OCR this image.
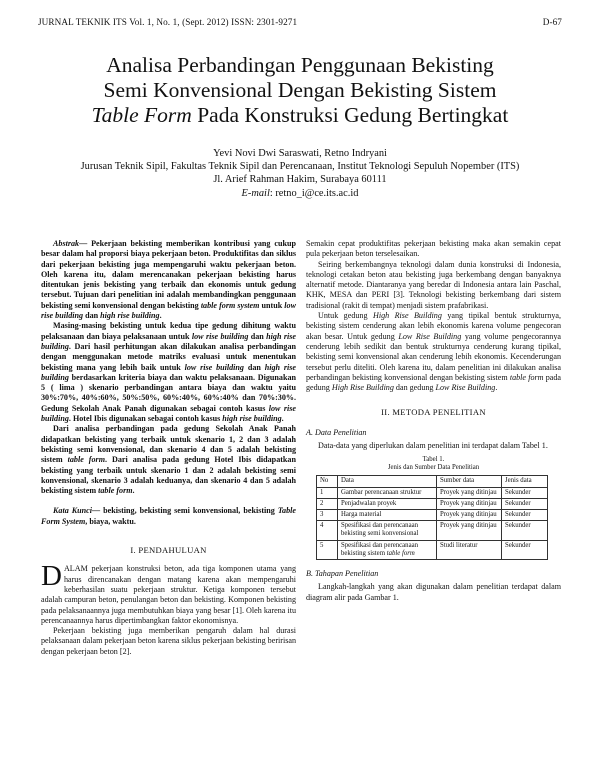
JURNAL TEKNIK ITS Vol. 1, No. 1, (Sept. 2012) ISSN: 2301-9271	D-67

Analisa Perbandingan Penggunaan Bekisting

Semi Konvensional Dengan Bekisting Sistem

Table Form Pada Konstruksi Gedung Bertingkat

Yevi Novi Dwi Saraswati, Retno Indryani

Jurusan Teknik Sipil, Fakultas Teknik Sipil dan Perencanaan, Institut Teknologi Sepuluh Nopember (ITS)

Jl. Arief Rahman Hakim, Surabaya 60111

E-mail: retno_i@ce.its.ac.id

Abstrak— Pekerjaan bekisting memberikan kontribusi yang cukup besar dalam hal proporsi biaya pekerjaan beton. Produktifitas dan siklus dari pekerjaan bekisting juga mempengaruhi waktu pekerjaan beton. Oleh karena itu, dalam merencanakan pekerjaan bekisting harus ditentukan jenis bekisting yang terbaik dan ekonomis untuk gedung tersebut. Tujuan dari penelitian ini adalah membandingkan penggunaan bekisting semi konvensional dengan bekisting table form system untuk low rise building dan high rise building.

Masing-masing bekisting untuk kedua tipe gedung dihitung waktu pelaksanaan dan biaya pelaksanaan untuk low rise building dan high rise building. Dari hasil perhitungan akan dilakukan analisa perbandingan dengan menggunakan metode matriks evaluasi untuk menentukan bekisting mana yang lebih baik untuk low rise building dan high rise building berdasarkan kriteria biaya dan waktu pelaksanaan. Digunakan 5 ( lima ) skenario perbandingan antara biaya dan waktu yaitu 30%:70%, 40%:60%, 50%:50%, 60%:40%, 60%:40% dan 70%:30%. Gedung Sekolah Anak Panah digunakan sebagai contoh kasus low rise building. Hotel Ibis digunakan sebagai contoh kasus high rise building.

Dari analisa perbandingan pada gedung Sekolah Anak Panah didapatkan bekisting yang terbaik untuk skenario 1, 2 dan 3 adalah bekisting semi konvensional, dan skenario 4 dan 5 adalah bekisting sistem table form. Dari analisa pada gedung Hotel Ibis didapatkan bekisting yang terbaik untuk skenario 1 dan 2 adalah bekisting semi konvensional, skenario 3 adalah keduanya, dan skenario 4 dan 5 adalah bekisting sistem table form.

Kata Kunci— bekisting, bekisting semi konvensional, bekisting Table Form System, biaya, waktu.

I. PENDAHULUAN

DALAM pekerjaan konstruksi beton, ada tiga komponen utama yang harus direncanakan dengan matang karena akan mempengaruhi keberhasilan suatu pekerjaan struktur. Ketiga komponen tersebut adalah campuran beton, penulangan beton dan bekisting. Komponen bekisting pada pelaksanaannya juga membutuhkan biaya yang besar [1]. Oleh karena itu perencanaannya harus dipertimbangkan faktor ekonomisnya.

Pekerjaan bekisting juga memberikan pengaruh dalam hal durasi pelaksanaan dalam pekerjaan beton karena siklus pekerjaan bekisting beririsan dengan pekerjaan beton [2].

Semakin cepat produktifitas pekerjaan bekisting maka akan semakin cepat pula pekerjaan beton terselesaikan.

Seiring berkembangnya teknologi dalam dunia konstruksi di Indonesia, teknologi cetakan beton atau bekisting juga berkembang dengan banyaknya alternatif metode. Diantaranya yang beredar di Indonesia antara lain Paschal, KHK, MESA dan PERI [3]. Teknologi bekisting berkembang dari sistem tradisional (rakit di tempat) menjadi sistem prafabrikasi.

Untuk gedung High Rise Building yang tipikal bentuk strukturnya, bekisting sistem cenderung akan lebih ekonomis karena volume pengecoran akan besar. Untuk gedung Low Rise Building yang volume pengecorannya cenderung lebih sedikit dan bentuk strukturnya cenderung kurang tipikal, bekisting semi konvensional akan cenderung lebih ekonomis. Kecenderungan tersebut perlu diteliti. Oleh karena itu, dalam penelitian ini dilakukan analisa perbandingan bekisting konvensional dengan bekisting sistem table form pada gedung High Rise Building dan gedung Low Rise Building.

II. METODA PENELITIAN

A. Data Penelitian

Data-data yang diperlukan dalam penelitian ini terdapat dalam Tabel 1.

Tabel 1.

Jenis dan Sumber Data Penelitian

No	Data	Sumber data	Jenis data
1	Gambar perencanaan struktur	Proyek yang ditinjau	Sekunder
2	Penjadwalan proyek	Proyek yang ditinjau	Sekunder
3	Harga material	Proyek yang ditinjau	Sekunder
4	Spesifikasi dan perencanaan bekisting semi konvensional	Proyek yang ditinjau	Sekunder
5	Spesifikasi dan perencanaan bekisting sistem table form	Studi literatur	Sekunder

B. Tahapan Penelitian

Langkah-langkah yang akan digunakan dalam penelitian terdapat dalam diagram alir pada Gambar 1.
